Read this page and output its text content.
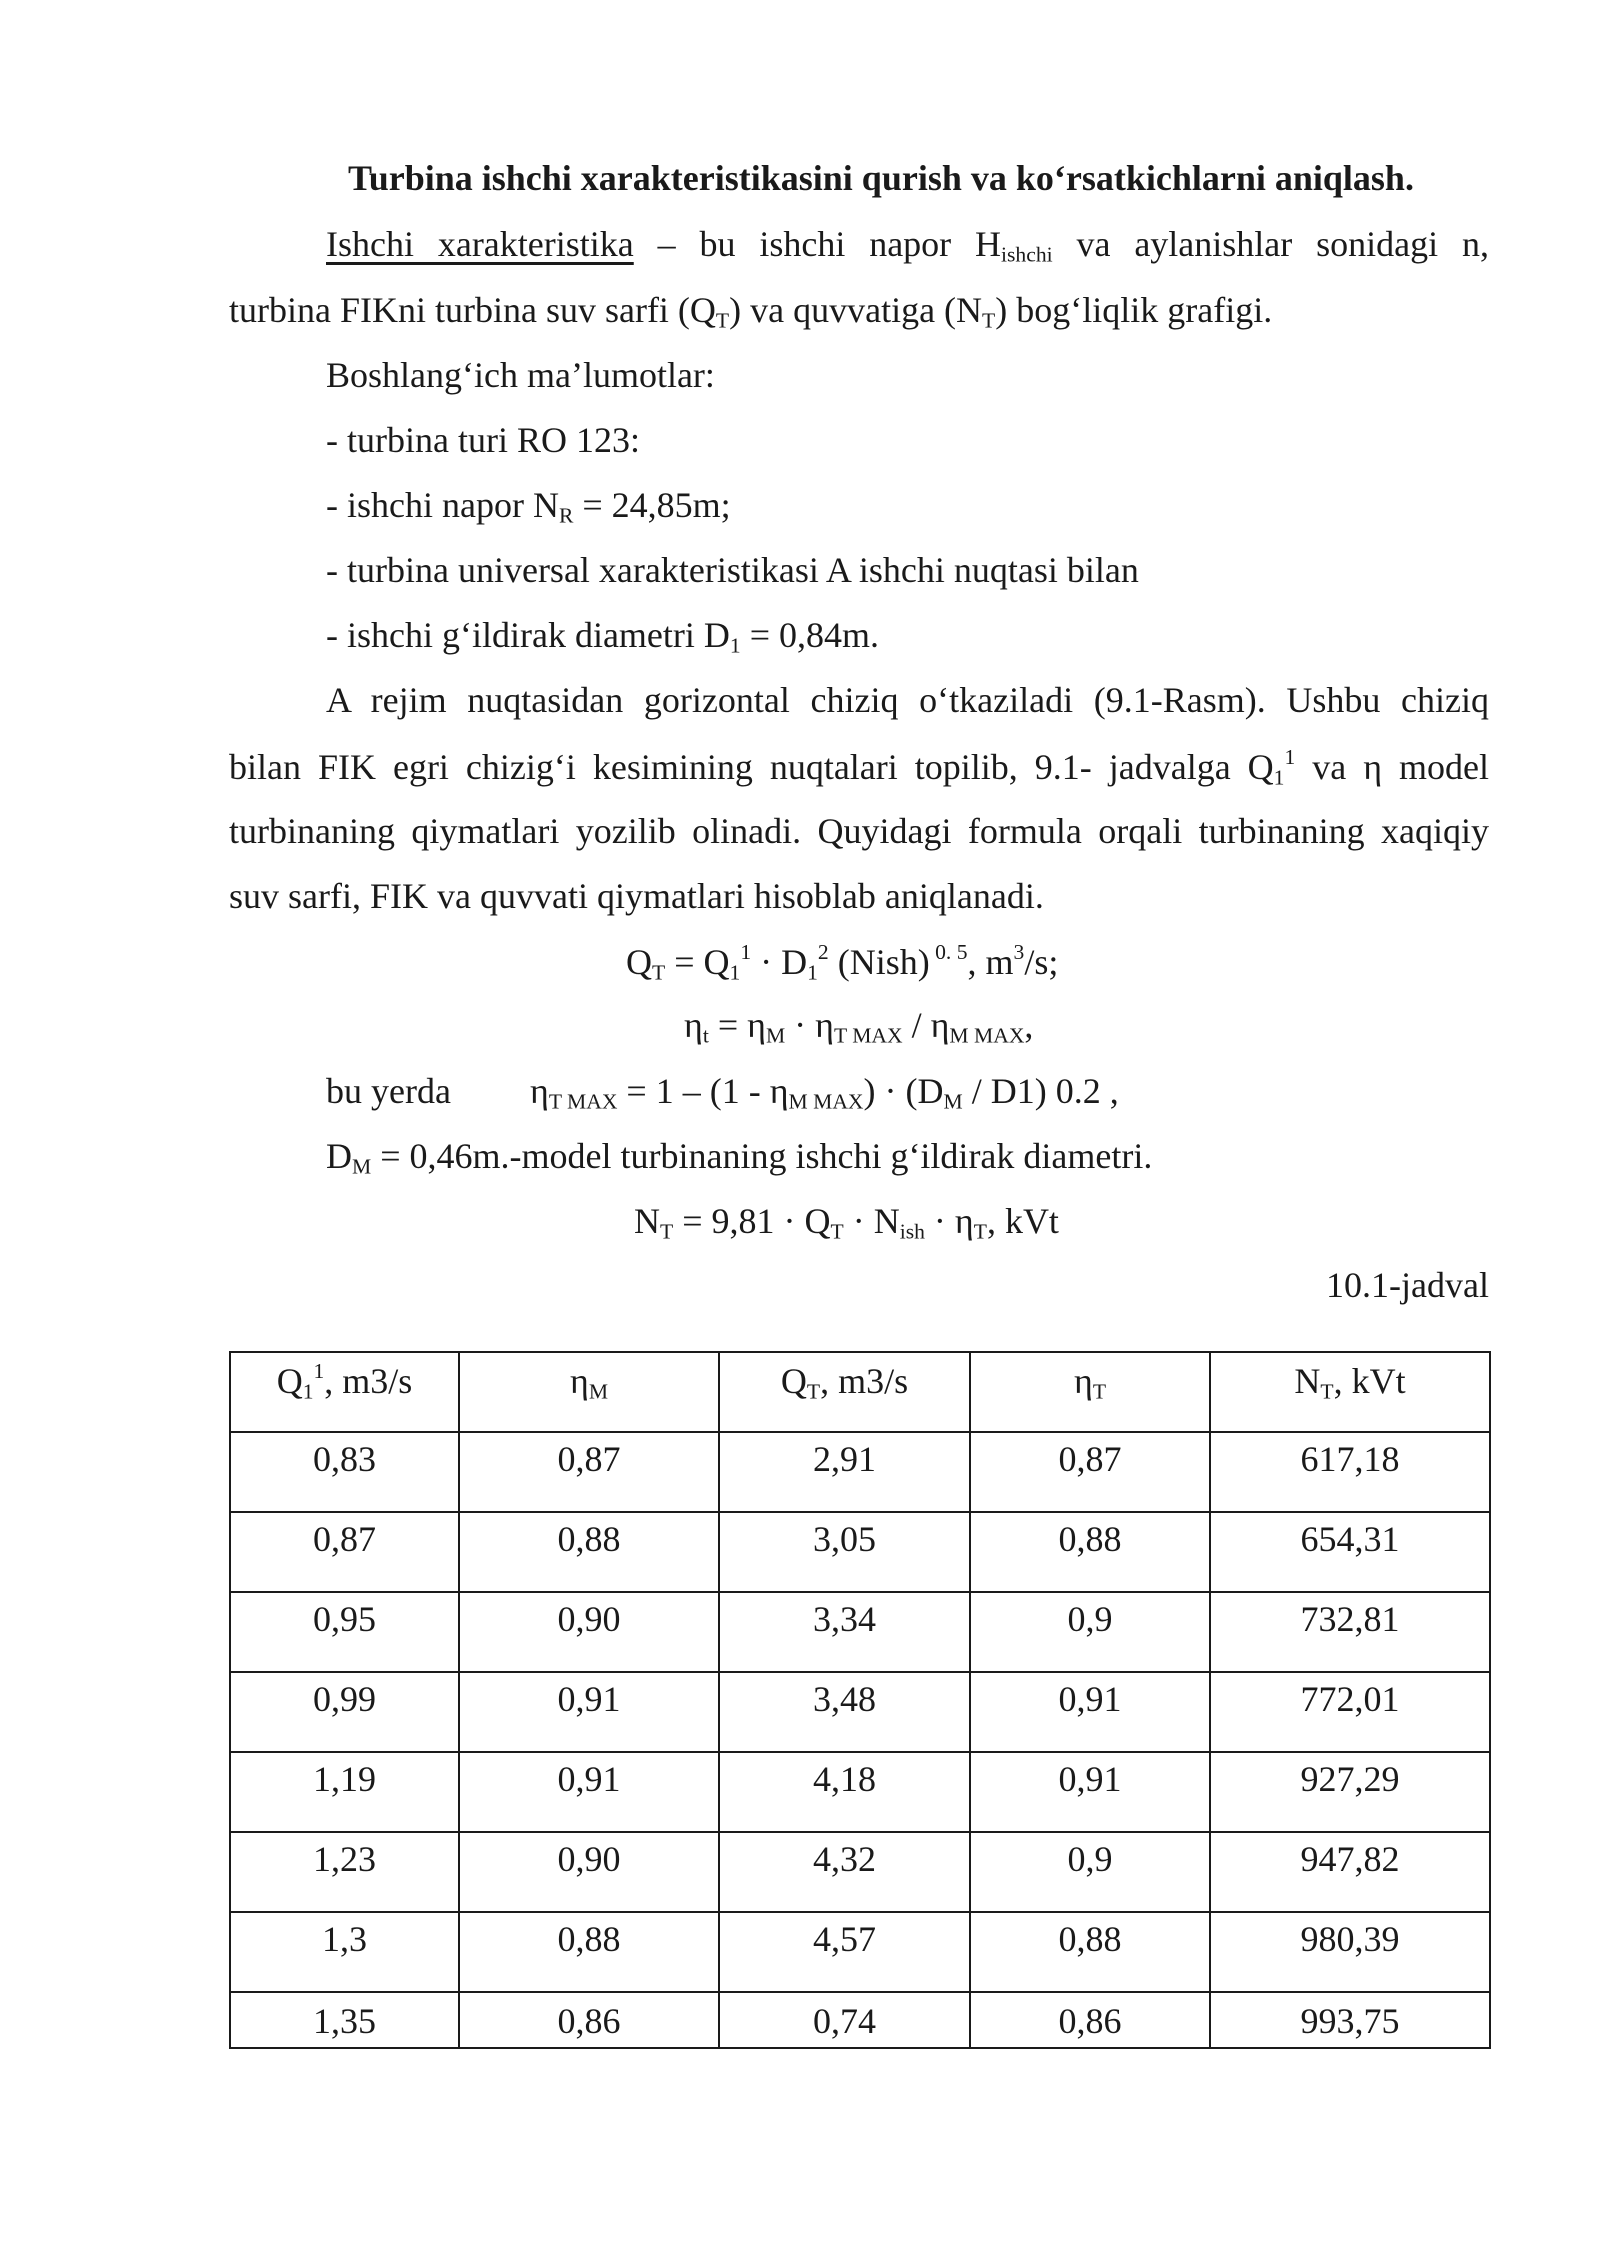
Turbina ishchi xarakteristikasini qurish va ko‘rsatkichlarni aniqlash.
Ishchi xarakteristika – bu ishchi napor $H_{ishchi}$ va aylanishlar sonidagi n,
turbina FIKni turbina suv sarfi $(Q_T)$ va quvvatiga $(N_T)$ bog‘liqlik grafigi.
Boshlang‘ich ma’lumotlar:
- turbina turi RO 123:
- ishchi napor $N_R = 24,85m$;
- turbina universal xarakteristikasi A ishchi nuqtasi bilan
- ishchi g‘ildirak diametri $D_1 = 0,84m$.
A rejim nuqtasidan gorizontal chiziq o‘tkaziladi (9.1-Rasm). Ushbu chiziq
bilan FIK egri chizig‘i kesimining nuqtalari topilib, 9.1- jadvalga $Q_1^1$ va η model
turbinaning qiymatlari yozilib olinadi. Quyidagi formula orqali turbinaning xaqiqiy
suv sarfi, FIK va quvvati qiymatlari hisoblab aniqlanadi.
$Q_T = Q_1^1 \cdot D_1^2$ (Nish) $^{0. 5}$, $m^3/s$;
$\eta_t = \eta_M \cdot \eta_{T MAX} / \eta_{M MAX}$,
bu yerda $\eta_{T MAX} = 1 - (1 - \eta_{M MAX}) \cdot (D_M / D1)$ 0.2 ,
$D_M$ = 0,46m.-model turbinaning ishchi g‘ildirak diametri.
$N_T = 9,81 \cdot Q_T \cdot N_{ish} \cdot \eta_T$, kVt
10.1-jadval
$Q_1^1$, m3/s	$\eta_M$	$Q_T$, m3/s	$\eta_T$	$N_T$, kVt
0,83	0,87	2,91	0,87	617,18
0,87	0,88	3,05	0,88	654,31
0,95	0,90	3,34	0,9	732,81
0,99	0,91	3,48	0,91	772,01
1,19	0,91	4,18	0,91	927,29
1,23	0,90	4,32	0,9	947,82
1,3	0,88	4,57	0,88	980,39
1,35	0,86	0,74	0,86	993,75
